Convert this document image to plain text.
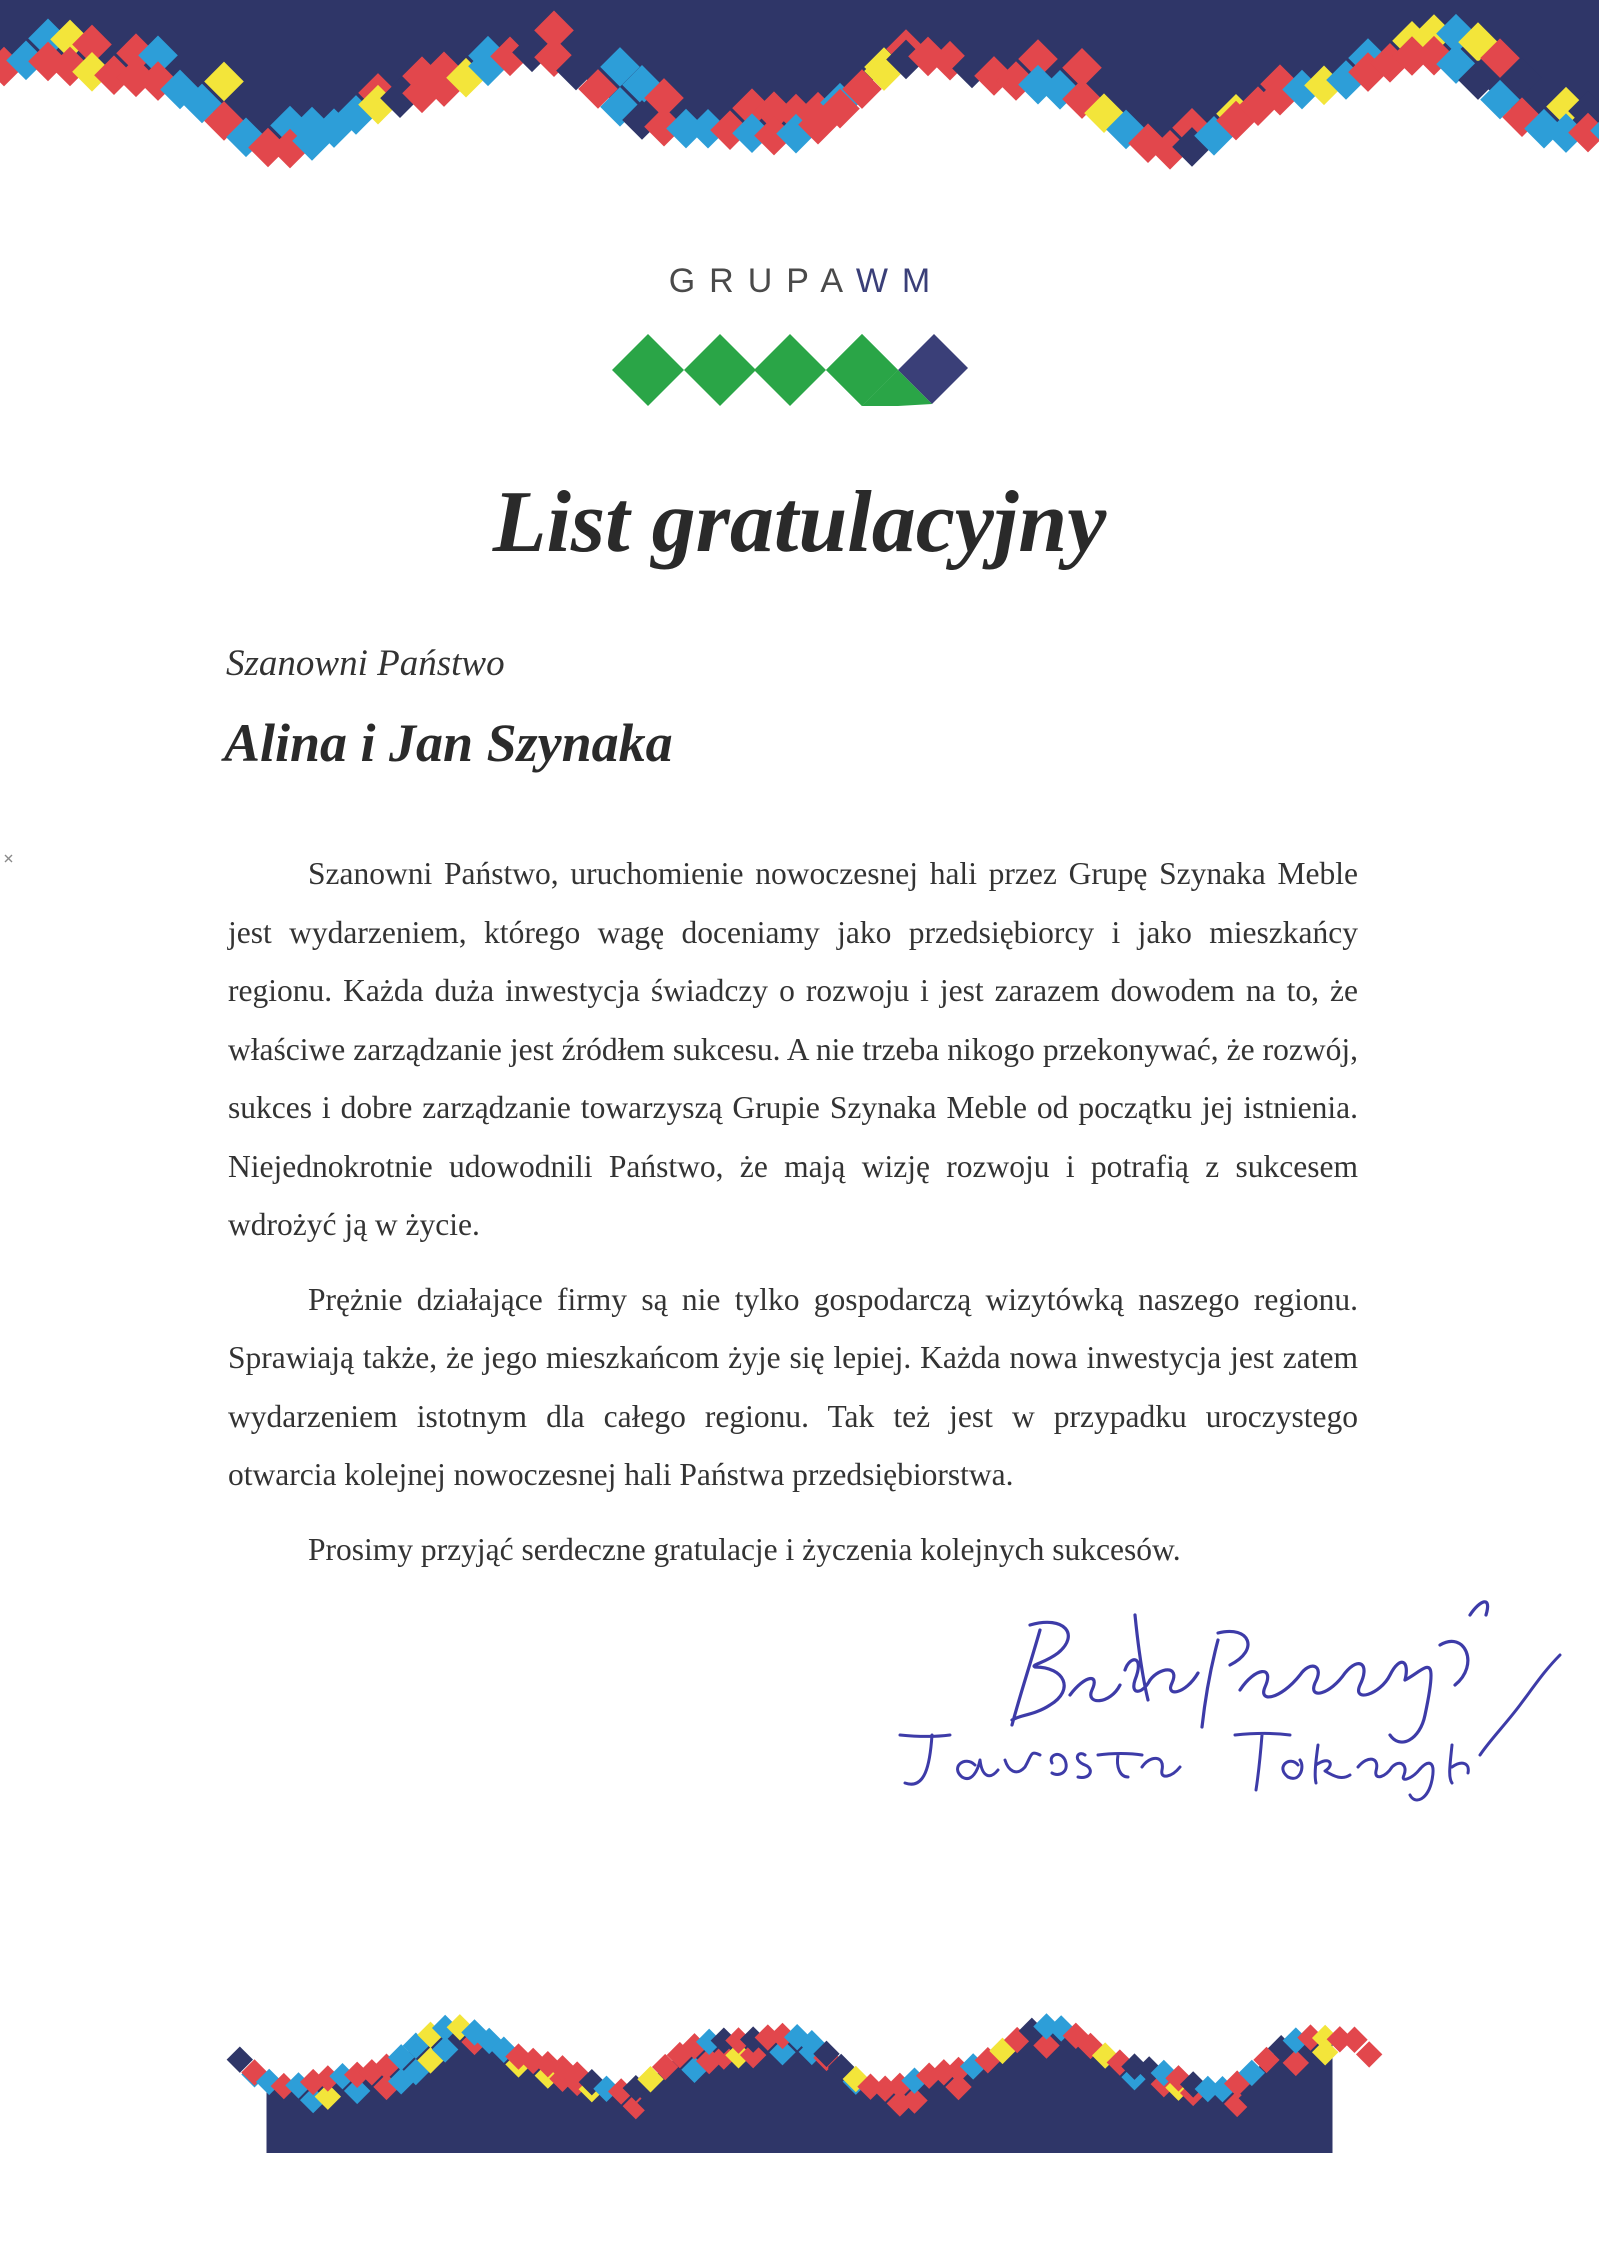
GRUPAWM
List gratulacyjny
Szanowni Państwo
Alina i Jan Szynaka

Szanowni Państwo, uruchomienie nowoczesnej hali przez Grupę Szynaka Meble jest wydarzeniem, którego wagę doceniamy jako przedsiębiorcy i jako mieszkańcy regionu. Każda duża inwestycja świadczy o rozwoju i jest zarazem dowodem na to, że właściwe zarządzanie jest źródłem sukcesu. A nie trzeba nikogo przekonywać, że rozwój, sukces i dobre zarządzanie towarzyszą Grupie Szynaka Meble od początku jej istnienia. Niejednokrotnie udowodnili Państwo, że mają wizję rozwoju i potrafią z sukcesem wdrożyć ją w życie.

Prężnie działające firmy są nie tylko gospodarczą wizytówką naszego regionu. Sprawiają także, że jego mieszkańcom żyje się lepiej. Każda nowa inwestycja jest zatem wydarzeniem istotnym dla całego regionu. Tak też jest w przypadku uroczystego otwarcia kolejnej nowoczesnej hali Państwa przedsiębiorstwa.

Prosimy przyjąć serdeczne gratulacje i życzenia kolejnych sukcesów.
